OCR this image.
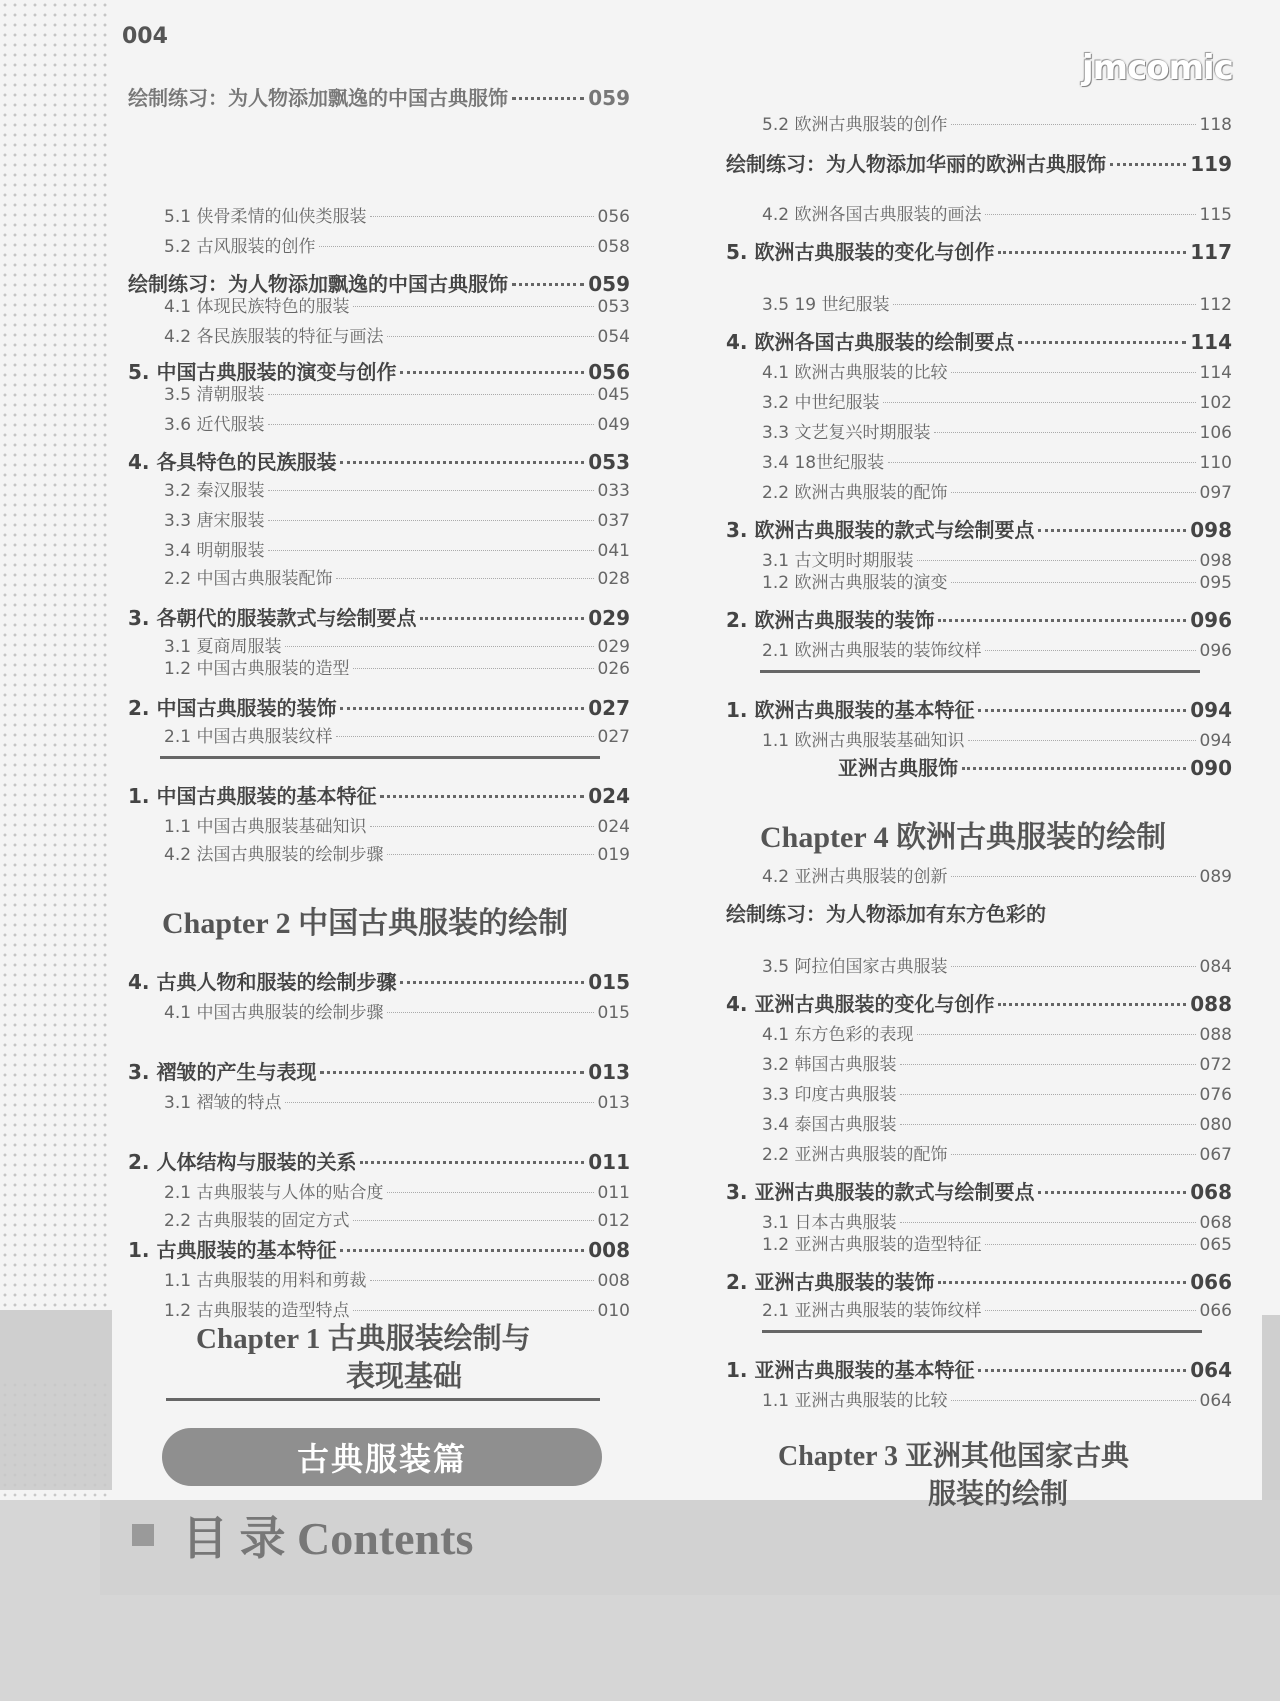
004
jmcomic
绘制练习：为人物添加飘逸的中国古典服饰	059
5.1 侠骨柔情的仙侠类服装	056
5.2 古风服装的创作	058
绘制练习：为人物添加飘逸的中国古典服饰	059
4.1 体现民族特色的服装	053
4.2 各民族服装的特征与画法	054
5. 中国古典服装的演变与创作	056
3.5 清朝服装	045
3.6 近代服装	049
4. 各具特色的民族服装	053
3.2 秦汉服装	033
3.3 唐宋服装	037
3.4 明朝服装	041
2.2 中国古典服装配饰	028
3. 各朝代的服装款式与绘制要点	029
3.1 夏商周服装	029
1.2 中国古典服装的造型	026
2. 中国古典服装的装饰	027
2.1 中国古典服装纹样	027
1. 中国古典服装的基本特征	024
1.1 中国古典服装基础知识	024
4.2 法国古典服装的绘制步骤	019
Chapter 2 中国古典服装的绘制
4. 古典人物和服装的绘制步骤	015
4.1 中国古典服装的绘制步骤	015
3. 褶皱的产生与表现	013
3.1 褶皱的特点	013
2. 人体结构与服装的关系	011
2.1 古典服装与人体的贴合度	011
2.2 古典服装的固定方式	012
1. 古典服装的基本特征	008
1.1 古典服装的用料和剪裁	008
1.2 古典服装的造型特点	010
Chapter 1 古典服装绘制与
表现基础
古典服装篇
目 录 Contents
5.2 欧洲古典服装的创作	118
绘制练习：为人物添加华丽的欧洲古典服饰	119
4.2 欧洲各国古典服装的画法	115
5. 欧洲古典服装的变化与创作	117
3.5 19 世纪服装	112
4. 欧洲各国古典服装的绘制要点	114
4.1 欧洲古典服装的比较	114
3.2 中世纪服装	102
3.3 文艺复兴时期服装	106
3.4 18世纪服装	110
2.2 欧洲古典服装的配饰	097
3. 欧洲古典服装的款式与绘制要点	098
3.1 古文明时期服装	098
1.2 欧洲古典服装的演变	095
2. 欧洲古典服装的装饰	096
2.1 欧洲古典服装的装饰纹样	096
1. 欧洲古典服装的基本特征	094
1.1 欧洲古典服装基础知识	094
亚洲古典服饰	090
Chapter 4 欧洲古典服装的绘制
4.2 亚洲古典服装的创新	089
绘制练习：为人物添加有东方色彩的
3.5 阿拉伯国家古典服装	084
4. 亚洲古典服装的变化与创作	088
4.1 东方色彩的表现	088
3.2 韩国古典服装	072
3.3 印度古典服装	076
3.4 泰国古典服装	080
2.2 亚洲古典服装的配饰	067
3. 亚洲古典服装的款式与绘制要点	068
3.1 日本古典服装	068
1.2 亚洲古典服装的造型特征	065
2. 亚洲古典服装的装饰	066
2.1 亚洲古典服装的装饰纹样	066
1. 亚洲古典服装的基本特征	064
1.1 亚洲古典服装的比较	064
Chapter 3 亚洲其他国家古典
服装的绘制
